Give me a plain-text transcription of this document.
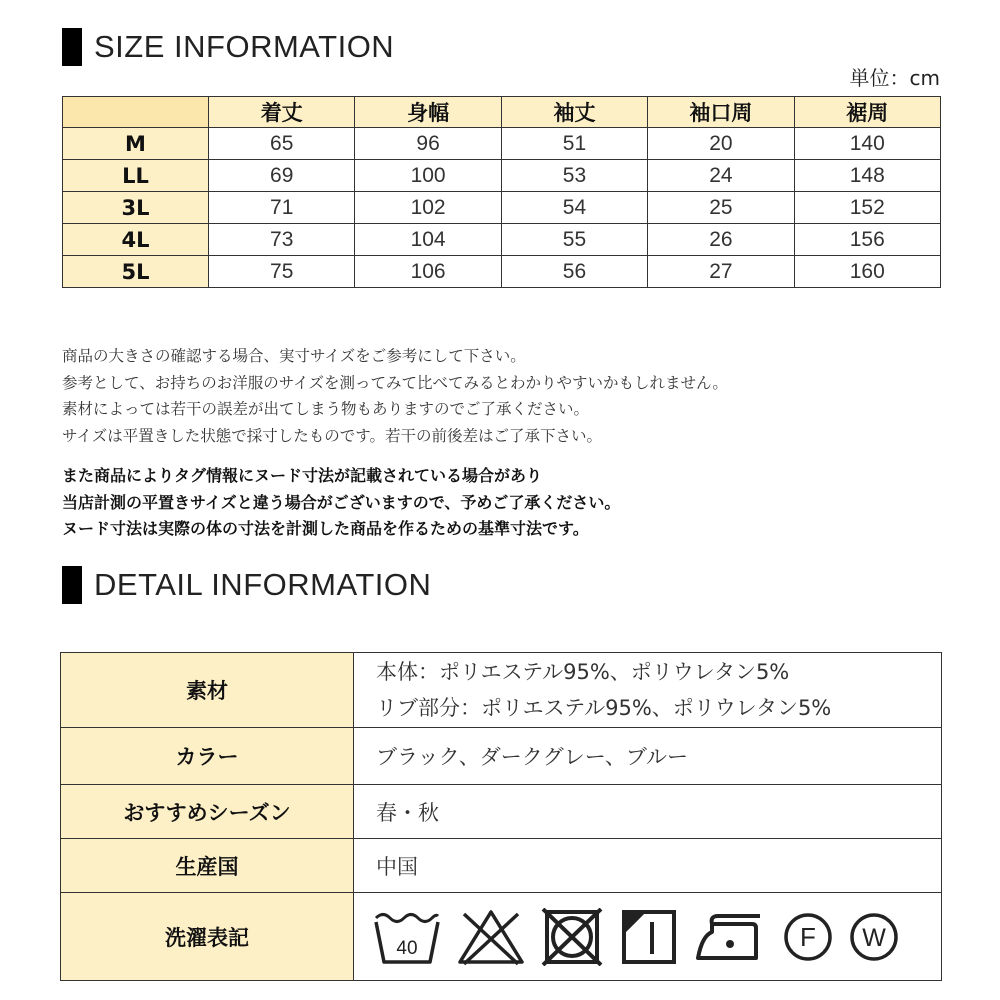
SIZE INFORMATION
単位：cm
	着丈	身幅	袖丈	袖口周	裾周
M	65	96	51	20	140
LL	69	100	53	24	148
3L	71	102	54	25	152
4L	73	104	55	26	156
5L	75	106	56	27	160

商品の大きさの確認する場合、実寸サイズをご参考にして下さい。

参考として、お持ちのお洋服のサイズを測ってみて比べてみるとわかりやすいかもしれません。

素材によっては若干の誤差が出てしまう物もありますのでご了承ください。

サイズは平置きした状態で採寸したものです。若干の前後差はご了承下さい。

また商品によりタグ情報にヌード寸法が記載されている場合があり

当店計測の平置きサイズと違う場合がございますので、予めご了承ください。

ヌード寸法は実際の体の寸法を計測した商品を作るための基準寸法です。

DETAIL INFORMATION
素材	本体：ポリエステル95%、ポリウレタン5%
リブ部分：ポリエステル95%、ポリウレタン5%

カラー	ブラック、ダークグレー、ブルー
おすすめシーズン	春・秋
生産国	中国
洗濯表記	40 F W
